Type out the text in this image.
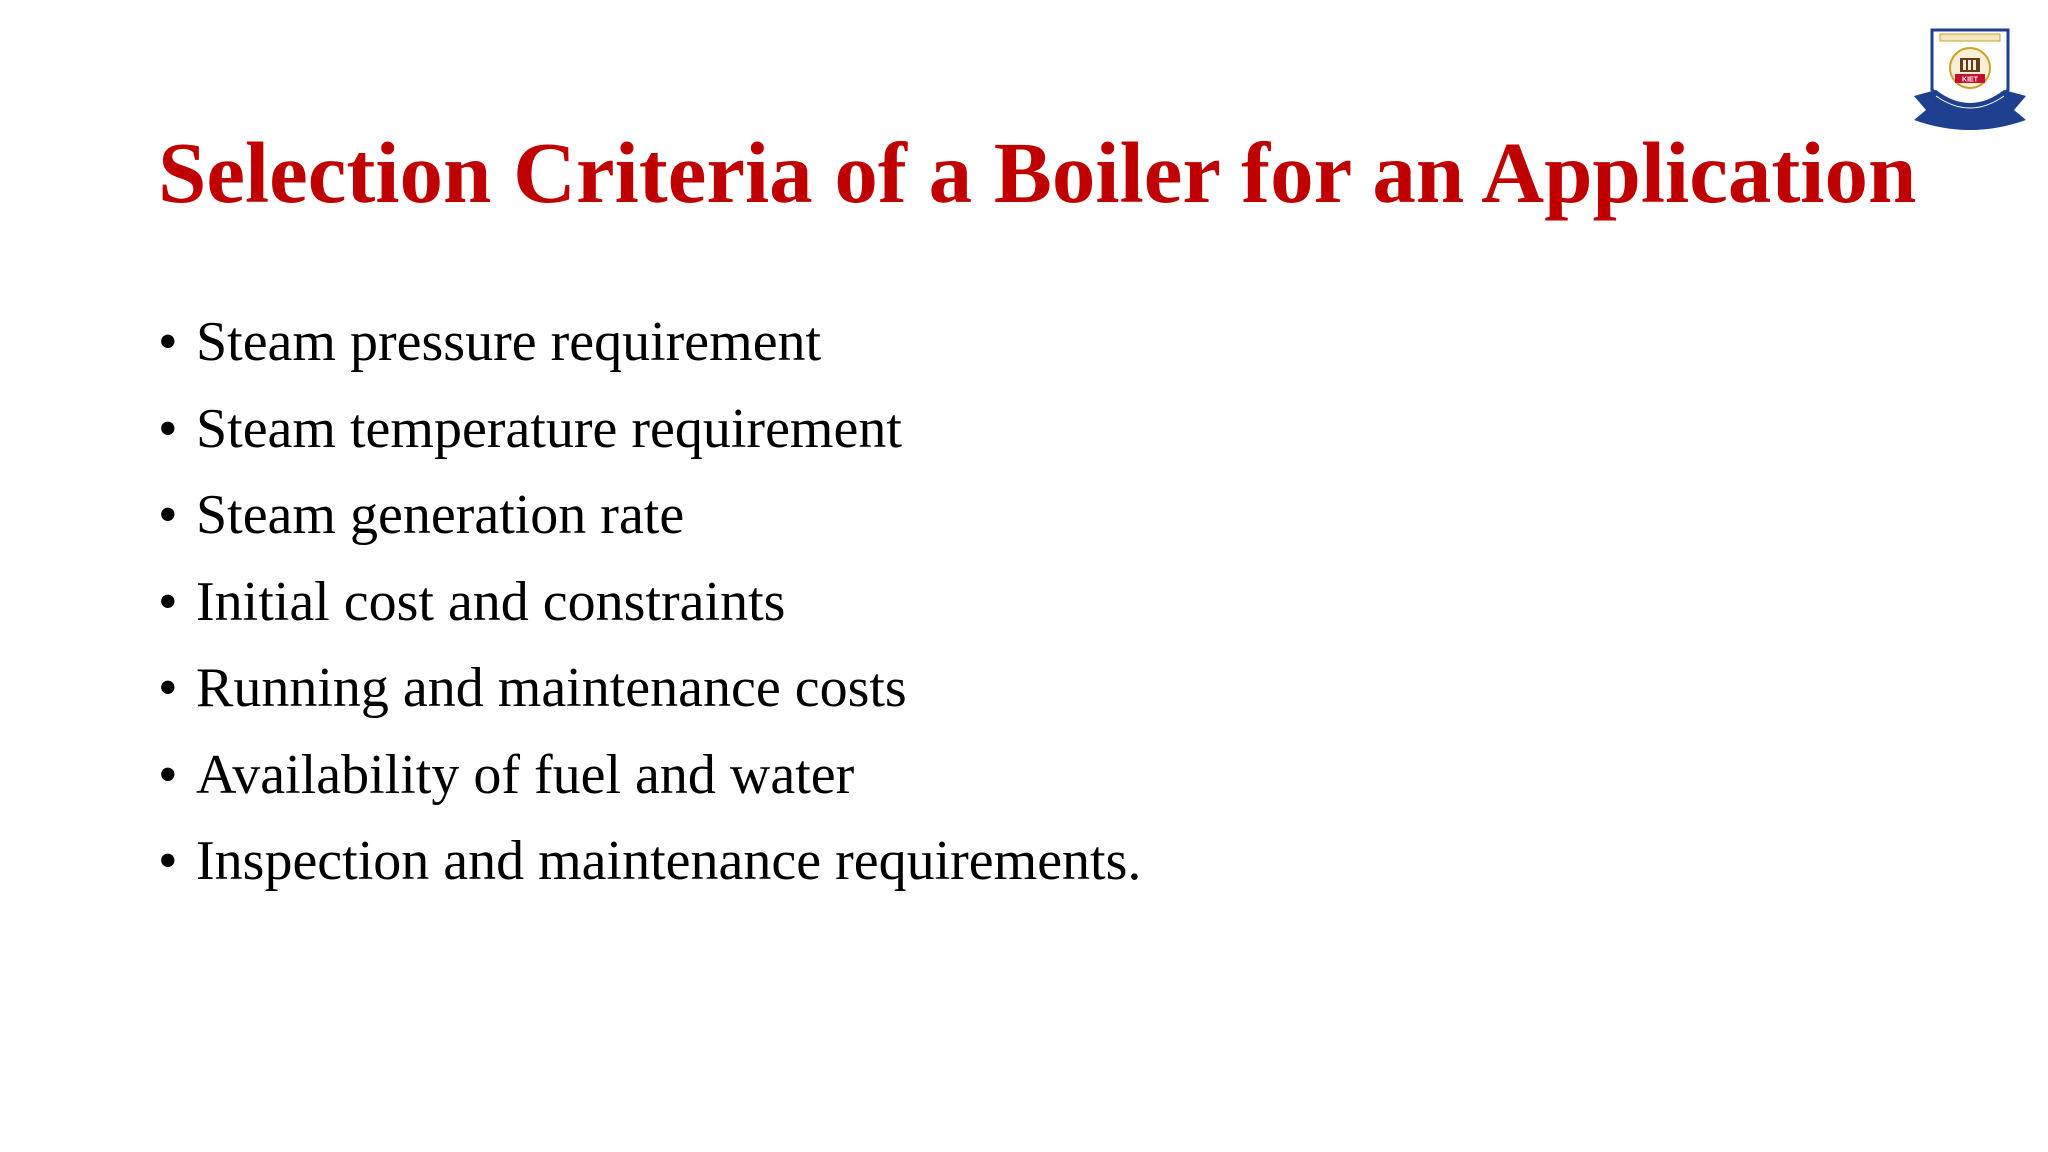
Selection Criteria of a Boiler for an Application
• Steam pressure requirement
• Steam temperature requirement
• Steam generation rate
• Initial cost and constraints
• Running and maintenance costs
• Availability of fuel and water
• Inspection and maintenance requirements.
KIET
